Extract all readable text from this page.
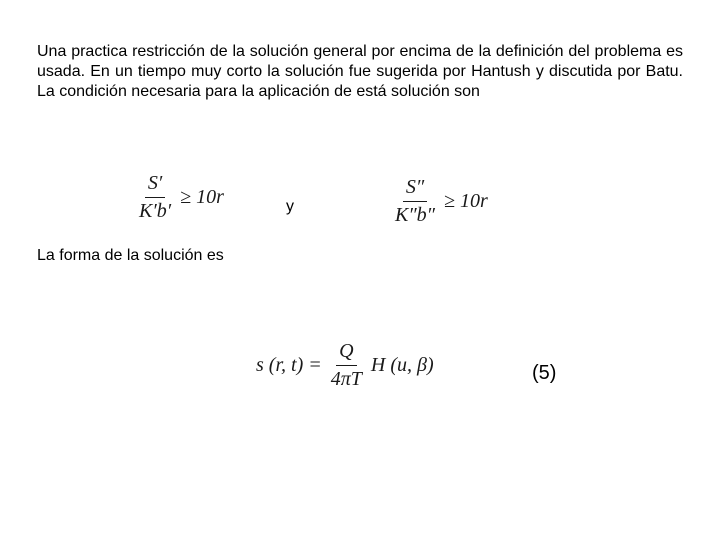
Una practica restricción de la solución general por encima de la definición del problema es usada. En un tiempo muy corto la solución fue sugerida por Hantush y discutida por Batu. La condición necesaria para la aplicación de está solución son

$\frac{S'}{K'b'} \ge 10r$	y	$\frac{S''}{K''b''} \ge 10r$
La forma de la solución es
s (r, $t) = \frac{Q}{4\pi T}$ H (u, β)	(5)
